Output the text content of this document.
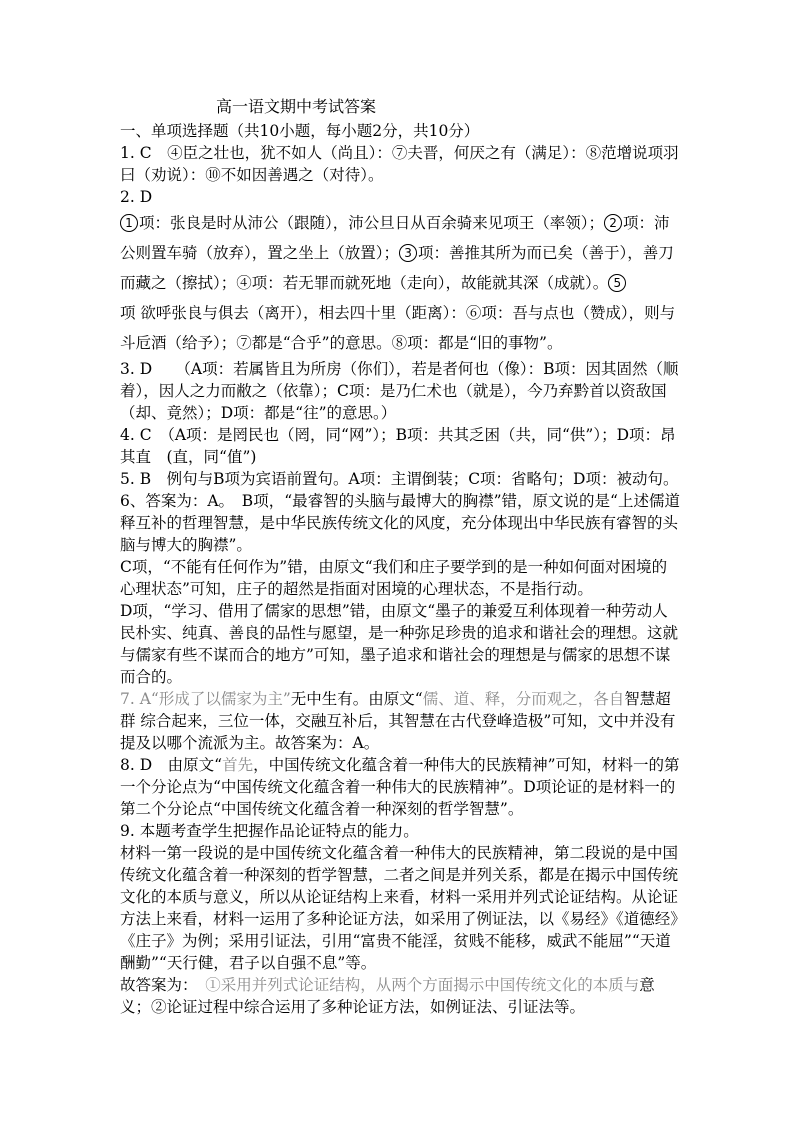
高一语文期中考试答案

一、单项选择题（共10小题，每小题2分，共10分）

1. C　④臣之壮也，犹不如人（尚且）：⑦夫晋，何厌之有（满足）：⑧范增说项羽曰（劝说）：⑩不如因善遇之（对待）。

2. D

1 项：张良是时从沛公（跟随），沛公旦日从百余骑来见项王（率领）； 2 项：沛公则置车骑（放弃），置之坐上（放置）； 3 项：善推其所为而已矣（善于），善刀而藏之（擦拭）；④项：若无罪而就死地（走向），故能就其深（成就）。 5
项 欲呼张良与俱去（离开），相去四十里（距离）：⑥项：吾与点也（赞成），则与斗卮酒（给予）；⑦都是“合乎”的意思。⑧项：都是“旧的事物”。

3. D　　（A项：若属皆且为所房（你们），若是者何也（像）：B项：因其固然（顺着），因人之力而敝之（依靠）；C项：是乃仁术也（就是），今乃弃黔首以资敌国（却、竟然）；D项：都是“往”的意思。）

4. C　（A项：是罔民也（罔，同“网”）；B项：共其乏困（共，同“供”）；D项：昂其直　(直，同“值”)

5. B　例句与B项为宾语前置句。A项：主谓倒装；C项：省略句；D项：被动句。

6、答案为：A。　B项，“最睿智的头脑与最博大的胸襟”错，原文说的是“上述儒道释互补的哲理智慧，是中华民族传统文化的风度，充分体现出中华民族有睿智的头脑与博大的胸襟”。

C项，“不能有任何作为”错，由原文“我们和庄子要学到的是一种如何面对困境的心理状态”可知，庄子的超然是指面对困境的心理状态，不是指行动。

D项，“学习、借用了儒家的思想”错，由原文“墨子的兼爱互利体现着一种劳动人民朴实、纯真、善良的品性与愿望，是一种弥足珍贵的追求和谐社会的理想。这就与儒家有些不谋而合的地方”可知，墨子追求和谐社会的理想是与儒家的思想不谋而合的。

7. A“形成了以儒家为主”无中生有。由原文“儒、道、释，分而观之，各自智慧超群 综合起来，三位一体，交融互补后，其智慧在古代登峰造极”可知，文中并没有提及以哪个流派为主。故答案为：A。

8. D　由原文“首先，中国传统文化蕴含着一种伟大的民族精神”可知，材料一的第一个分论点为“中国传统文化蕴含着一种伟大的民族精神”。D项论证的是材料一的第二个分论点“中国传统文化蕴含着一种深刻的哲学智慧”。

9. 本题考查学生把握作品论证特点的能力。

材料一第一段说的是中国传统文化蕴含着一种伟大的民族精神，第二段说的是中国传统文化蕴含着一种深刻的哲学智慧，二者之间是并列关系，都是在揭示中国传统文化的本质与意义，所以从论证结构上来看，材料一采用并列式论证结构。从论证方法上来看，材料一运用了多种论证方法，如采用了例证法，以《易经》《道德经》《庄子》为例；采用引证法，引用“富贵不能淫，贫贱不能移，威武不能屈”“天道酬勤”“天行健，君子以自强不息”等。

故答案为：　①采用并列式论证结构，从两个方面揭示中国传统文化的本质与意义；②论证过程中综合运用了多种论证方法，如例证法、引证法等。
